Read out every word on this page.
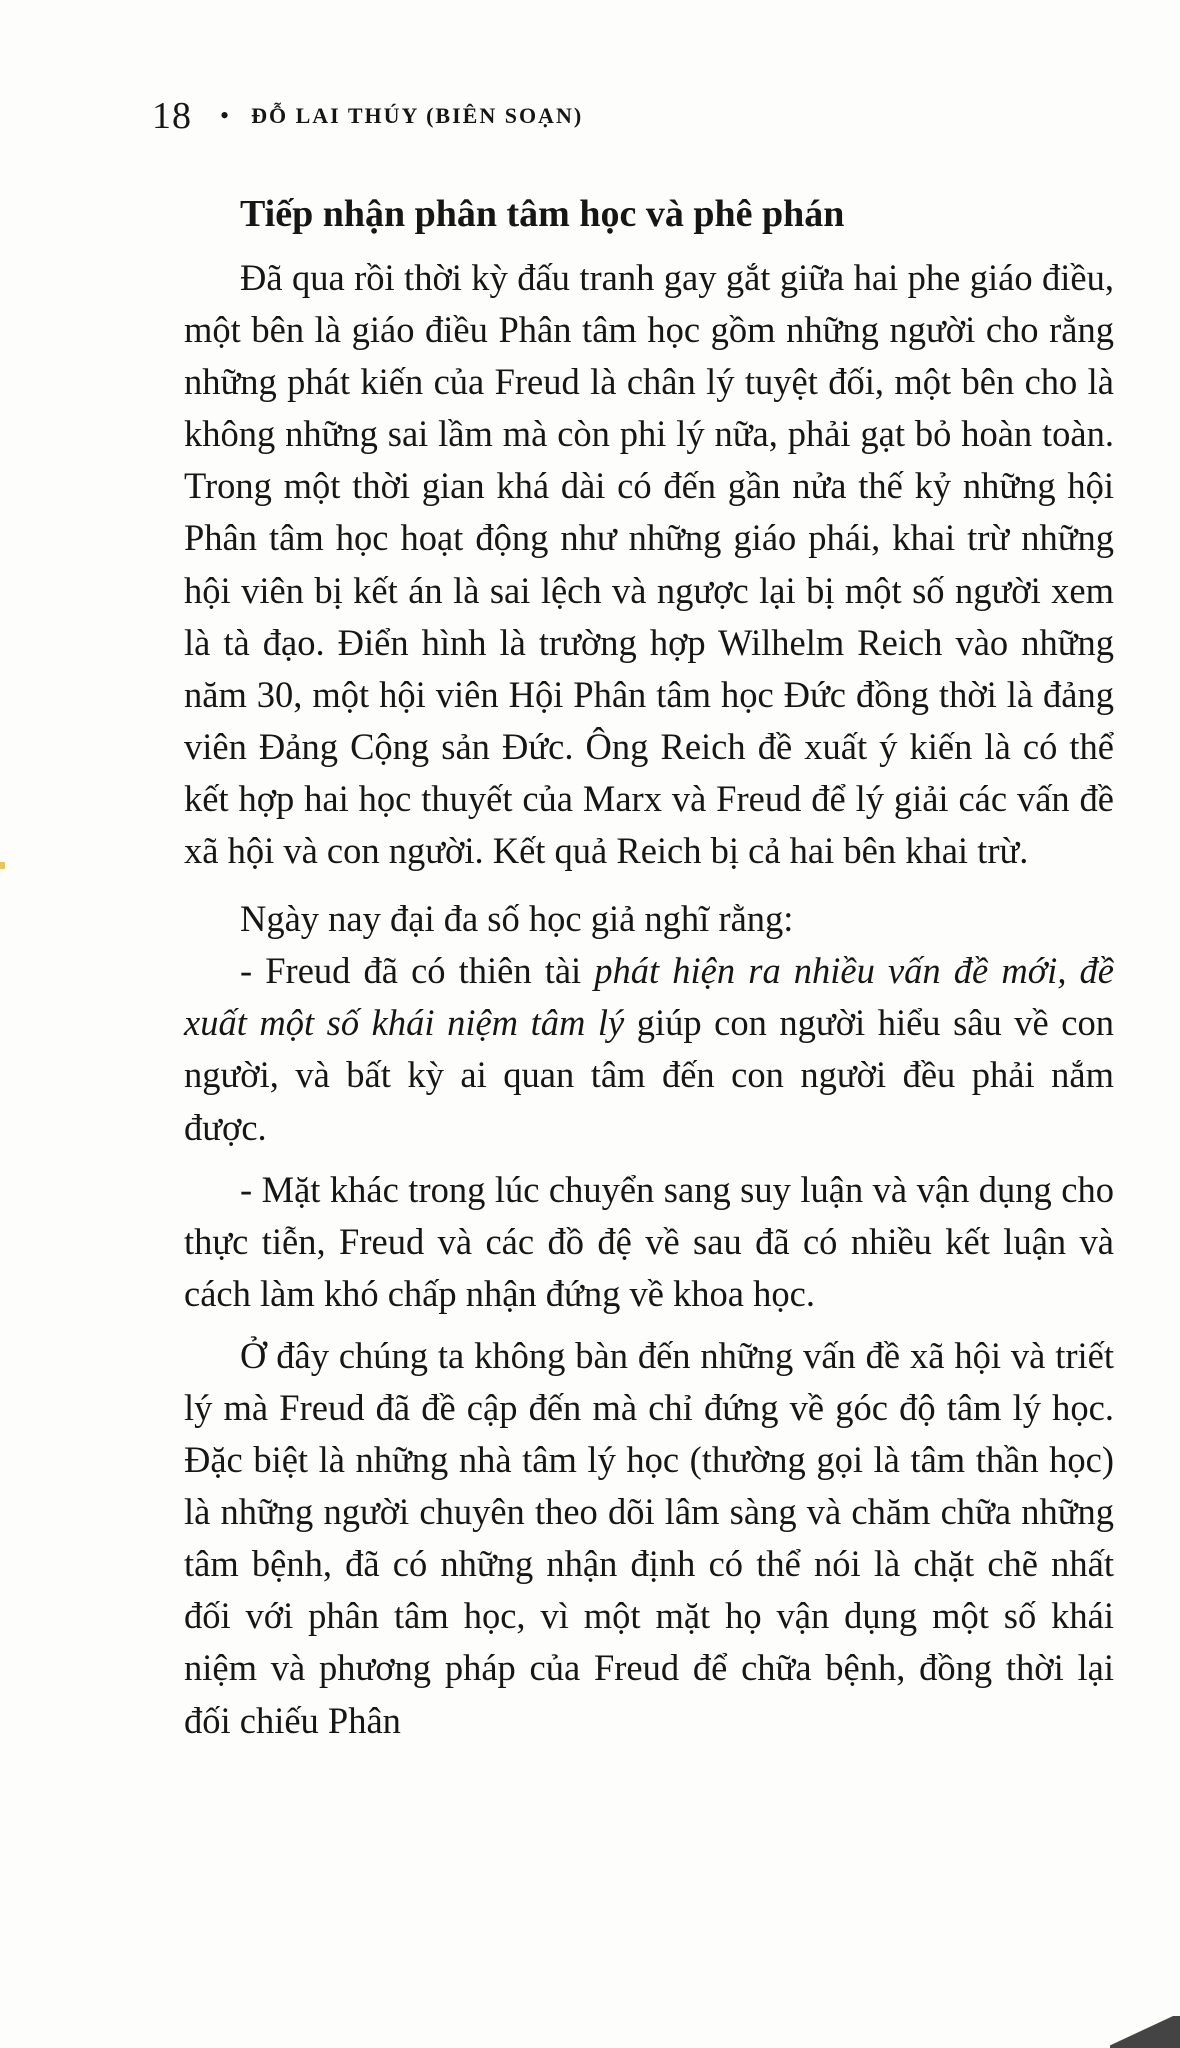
18 • ĐỖ LAI THÚY (BIÊN SOẠN)
Tiếp nhận phân tâm học và phê phán

Đã qua rồi thời kỳ đấu tranh gay gắt giữa hai phe giáo điều, một bên là giáo điều Phân tâm học gồm những người cho rằng những phát kiến của Freud là chân lý tuyệt đối, một bên cho là không những sai lầm mà còn phi lý nữa, phải gạt bỏ hoàn toàn. Trong một thời gian khá dài có đến gần nửa thế kỷ những hội Phân tâm học hoạt động như những giáo phái, khai trừ những hội viên bị kết án là sai lệch và ngược lại bị một số người xem là tà đạo. Điển hình là trường hợp Wilhelm Reich vào những năm 30, một hội viên Hội Phân tâm học Đức đồng thời là đảng viên Đảng Cộng sản Đức. Ông Reich đề xuất ý kiến là có thể kết hợp hai học thuyết của Marx và Freud để lý giải các vấn đề xã hội và con người. Kết quả Reich bị cả hai bên khai trừ.

Ngày nay đại đa số học giả nghĩ rằng:

- Freud đã có thiên tài phát hiện ra nhiều vấn đề mới, đề xuất một số khái niệm tâm lý giúp con người hiểu sâu về con người, và bất kỳ ai quan tâm đến con người đều phải nắm được.

- Mặt khác trong lúc chuyển sang suy luận và vận dụng cho thực tiễn, Freud và các đồ đệ về sau đã có nhiều kết luận và cách làm khó chấp nhận đứng về khoa học.

Ở đây chúng ta không bàn đến những vấn đề xã hội và triết lý mà Freud đã đề cập đến mà chỉ đứng về góc độ tâm lý học. Đặc biệt là những nhà tâm lý học (thường gọi là tâm thần học) là những người chuyên theo dõi lâm sàng và chăm chữa những tâm bệnh, đã có những nhận định có thể nói là chặt chẽ nhất đối với phân tâm học, vì một mặt họ vận dụng một số khái niệm và phương pháp của Freud để chữa bệnh, đồng thời lại đối chiếu Phân
